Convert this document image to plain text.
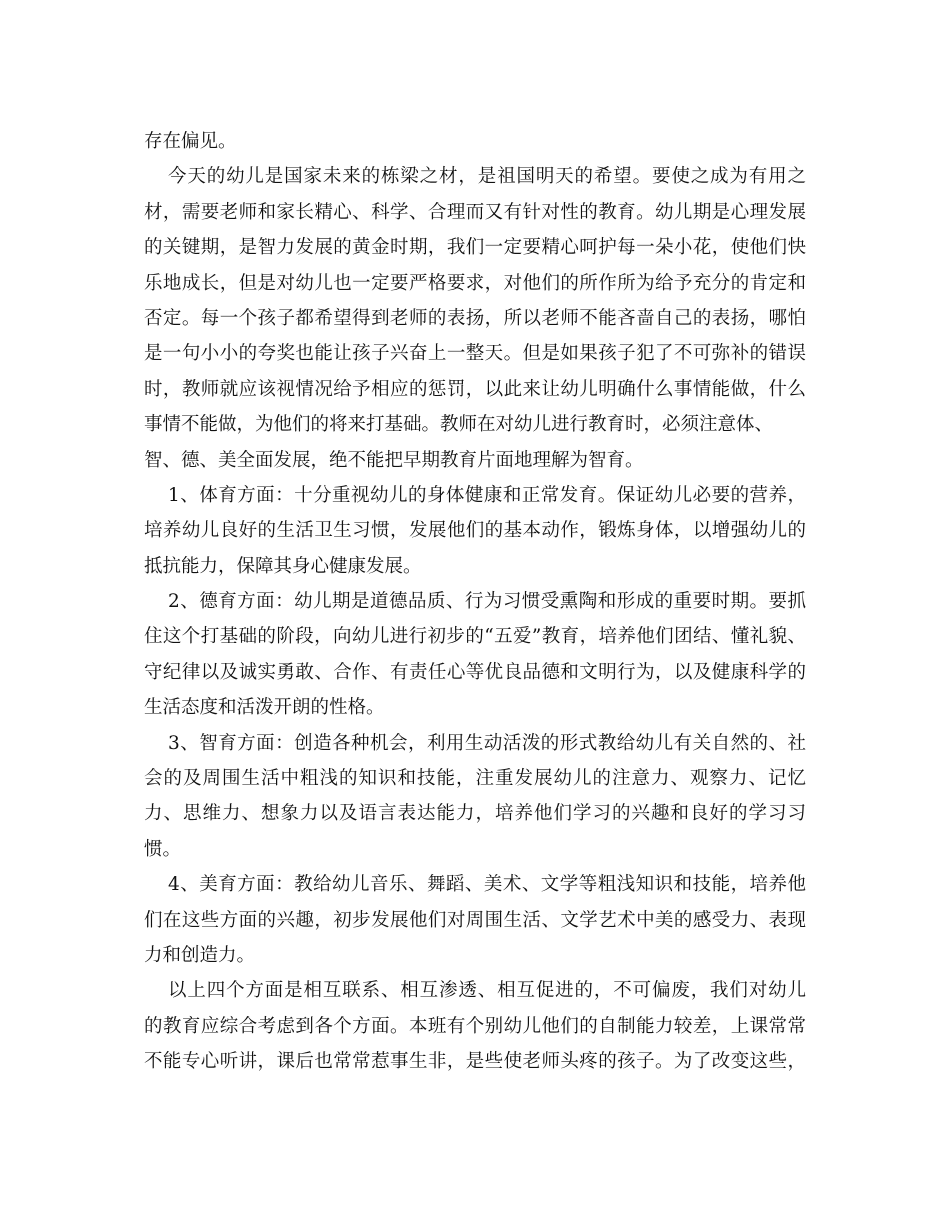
存在偏见。
今天的幼儿是国家未来的栋梁之材，是祖国明天的希望。要使之成为有用之
材，需要老师和家长精心、科学、合理而又有针对性的教育。幼儿期是心理发展
的关键期，是智力发展的黄金时期，我们一定要精心呵护每一朵小花，使他们快
乐地成长，但是对幼儿也一定要严格要求，对他们的所作所为给予充分的肯定和
否定。每一个孩子都希望得到老师的表扬，所以老师不能吝啬自己的表扬，哪怕
是一句小小的夸奖也能让孩子兴奋上一整天。但是如果孩子犯了不可弥补的错误
时，教师就应该视情况给予相应的惩罚，以此来让幼儿明确什么事情能做，什么
事情不能做，为他们的将来打基础。教师在对幼儿进行教育时，必须注意体、
智、德、美全面发展，绝不能把早期教育片面地理解为智育。
1、体育方面：十分重视幼儿的身体健康和正常发育。保证幼儿必要的营养，
培养幼儿良好的生活卫生习惯，发展他们的基本动作，锻炼身体，以增强幼儿的
抵抗能力，保障其身心健康发展。
2、德育方面：幼儿期是道德品质、行为习惯受熏陶和形成的重要时期。要抓
住这个打基础的阶段，向幼儿进行初步的“五爱”教育，培养他们团结、懂礼貌、
守纪律以及诚实勇敢、合作、有责任心等优良品德和文明行为，以及健康科学的
生活态度和活泼开朗的性格。
3、智育方面：创造各种机会，利用生动活泼的形式教给幼儿有关自然的、社
会的及周围生活中粗浅的知识和技能，注重发展幼儿的注意力、观察力、记忆
力、思维力、想象力以及语言表达能力，培养他们学习的兴趣和良好的学习习
惯。
4、美育方面：教给幼儿音乐、舞蹈、美术、文学等粗浅知识和技能，培养他
们在这些方面的兴趣，初步发展他们对周围生活、文学艺术中美的感受力、表现
力和创造力。
以上四个方面是相互联系、相互渗透、相互促进的，不可偏废，我们对幼儿
的教育应综合考虑到各个方面。本班有个别幼儿他们的自制能力较差，上课常常
不能专心听讲，课后也常常惹事生非，是些使老师头疼的孩子。为了改变这些，
